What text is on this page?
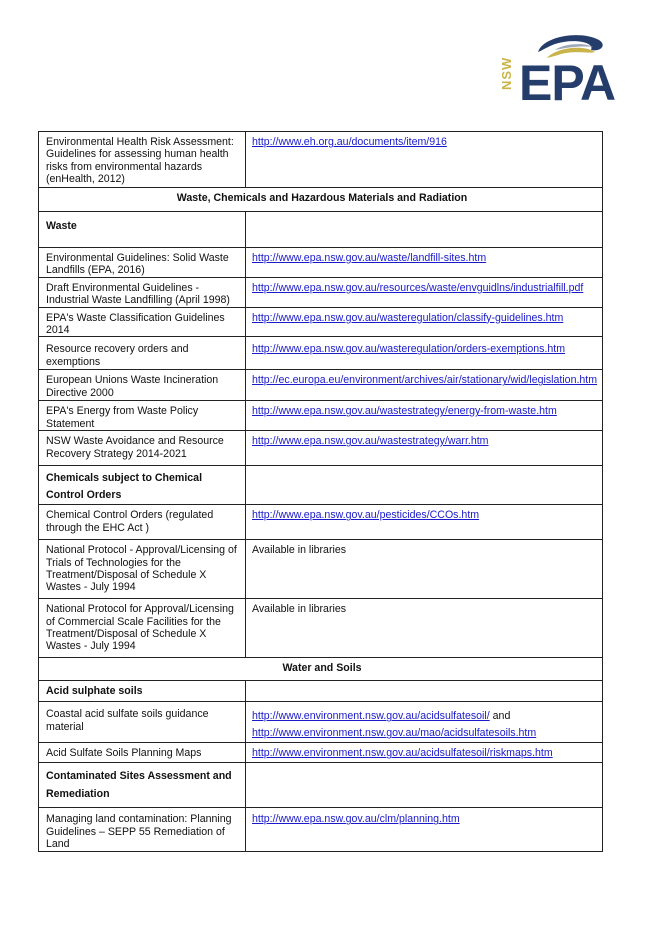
NSW EPA
Environmental Health Risk Assessment: Guidelines for assessing human health risks from environmental hazards (enHealth, 2012)	http://www.eh.org.au/documents/item/916
Waste, Chemicals and Hazardous Materials and Radiation	
Waste	
Environmental Guidelines: Solid Waste Landfills (EPA, 2016)	http://www.epa.nsw.gov.au/waste/landfill-sites.htm
Draft Environmental Guidelines - Industrial Waste Landfilling (April 1998)	http://www.epa.nsw.gov.au/resources/waste/envguidlns/industrialfill.pdf
EPA's Waste Classification Guidelines 2014	http://www.epa.nsw.gov.au/wasteregulation/classify-guidelines.htm
Resource recovery orders and exemptions	http://www.epa.nsw.gov.au/wasteregulation/orders-exemptions.htm
European Unions Waste Incineration Directive 2000	http://ec.europa.eu/environment/archives/air/stationary/wid/legislation.htm
EPA's Energy from Waste Policy Statement	http://www.epa.nsw.gov.au/wastestrategy/energy-from-waste.htm
NSW Waste Avoidance and Resource Recovery Strategy 2014-2021	http://www.epa.nsw.gov.au/wastestrategy/warr.htm
Chemicals subject to Chemical Control Orders	
Chemical Control Orders (regulated through the EHC Act )	http://www.epa.nsw.gov.au/pesticides/CCOs.htm
National Protocol - Approval/Licensing of Trials of Technologies for the Treatment/Disposal of Schedule X Wastes - July 1994	Available in libraries
National Protocol for Approval/Licensing of Commercial Scale Facilities for the Treatment/Disposal of Schedule X Wastes - July 1994	Available in libraries
Water and Soils	
Acid sulphate soils	
Coastal acid sulfate soils guidance material	http://www.environment.nsw.gov.au/acidsulfatesoil/ and
http://www.environment.nsw.gov.au/mao/acidsulfatesoils.htm
Acid Sulfate Soils Planning Maps	http://www.environment.nsw.gov.au/acidsulfatesoil/riskmaps.htm
Contaminated Sites Assessment and Remediation	
Managing land contamination: Planning Guidelines – SEPP 55 Remediation of Land	http://www.epa.nsw.gov.au/clm/planning.htm
